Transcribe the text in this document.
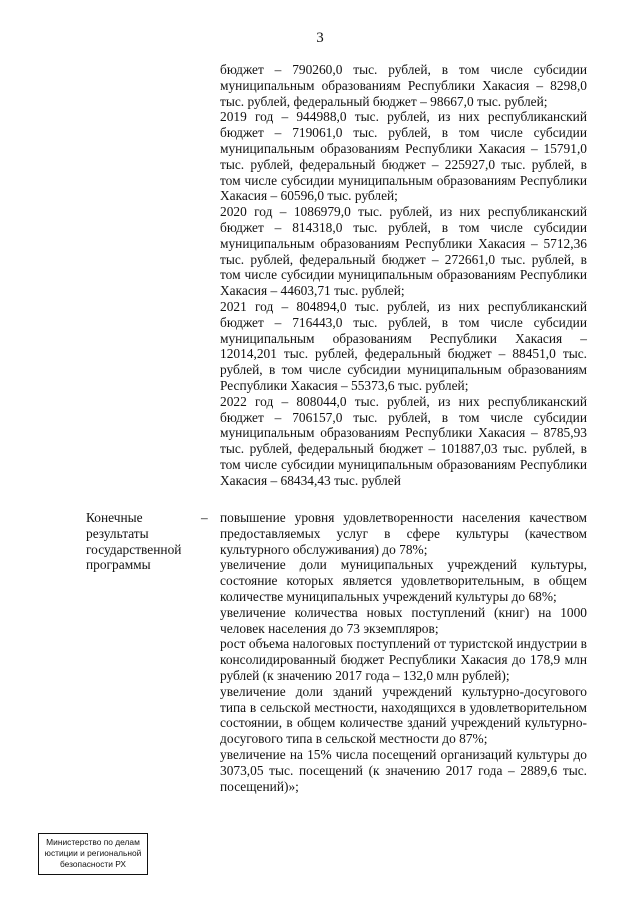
3

бюджет – 790260,0 тыс. рублей, в том числе субсидии муниципальным образованиям Республики Хакасия – 8298,0 тыс. рублей, федеральный бюджет – 98667,0 тыс. рублей;

2019 год – 944988,0 тыс. рублей, из них республиканский бюджет – 719061,0 тыс. рублей, в том числе субсидии муниципальным образованиям Республики Хакасия – 15791,0 тыс. рублей, федеральный бюджет – 225927,0 тыс. рублей, в том числе субсидии муниципальным образованиям Республики Хакасия – 60596,0 тыс. рублей;

2020 год – 1086979,0 тыс. рублей, из них республиканский бюджет – 814318,0 тыс. рублей, в том числе субсидии муниципальным образованиям Республики Хакасия – 5712,36 тыс. рублей, федеральный бюджет – 272661,0 тыс. рублей, в том числе субсидии муниципальным образованиям Республики Хакасия – 44603,71 тыс. рублей;

2021 год – 804894,0 тыс. рублей, из них республиканский бюджет – 716443,0 тыс. рублей, в том числе субсидии муниципальным образованиям Республики Хакасия – 12014,201 тыс. рублей, федеральный бюджет – 88451,0 тыс. рублей, в том числе субсидии муниципальным образованиям Республики Хакасия – 55373,6 тыс. рублей;

2022 год – 808044,0 тыс. рублей, из них республиканский бюджет – 706157,0 тыс. рублей, в том числе субсидии муниципальным образованиям Республики Хакасия – 8785,93 тыс. рублей, федеральный бюджет – 101887,03 тыс. рублей, в том числе субсидии муниципальным образованиям Республики Хакасия – 68434,43 тыс. рублей

Конечные
результаты
государственной
программы
– повышение уровня удовлетворенности населения качеством предоставляемых услуг в сфере культуры (качеством культурного обслуживания) до 78%;

увеличение доли муниципальных учреждений культуры, состояние которых является удовлетворительным, в общем количестве муниципальных учреждений культуры до 68%;

увеличение количества новых поступлений (книг) на 1000 человек населения до 73 экземпляров;

рост объема налоговых поступлений от туристской индустрии в консолидированный бюджет Республики Хакасия до 178,9 млн рублей (к значению 2017 года – 132,0 млн рублей);

увеличение доли зданий учреждений культурно-досугового типа в сельской местности, находящихся в удовлетворительном состоянии, в общем количестве зданий учреждений культурно-досугового типа в сельской местности до 87%;

увеличение на 15% числа посещений организаций культуры до 3073,05 тыс. посещений (к значению 2017 года – 2889,6 тыс. посещений)»;

Министерство по делам
юстиции и региональной
безопасности РХ
